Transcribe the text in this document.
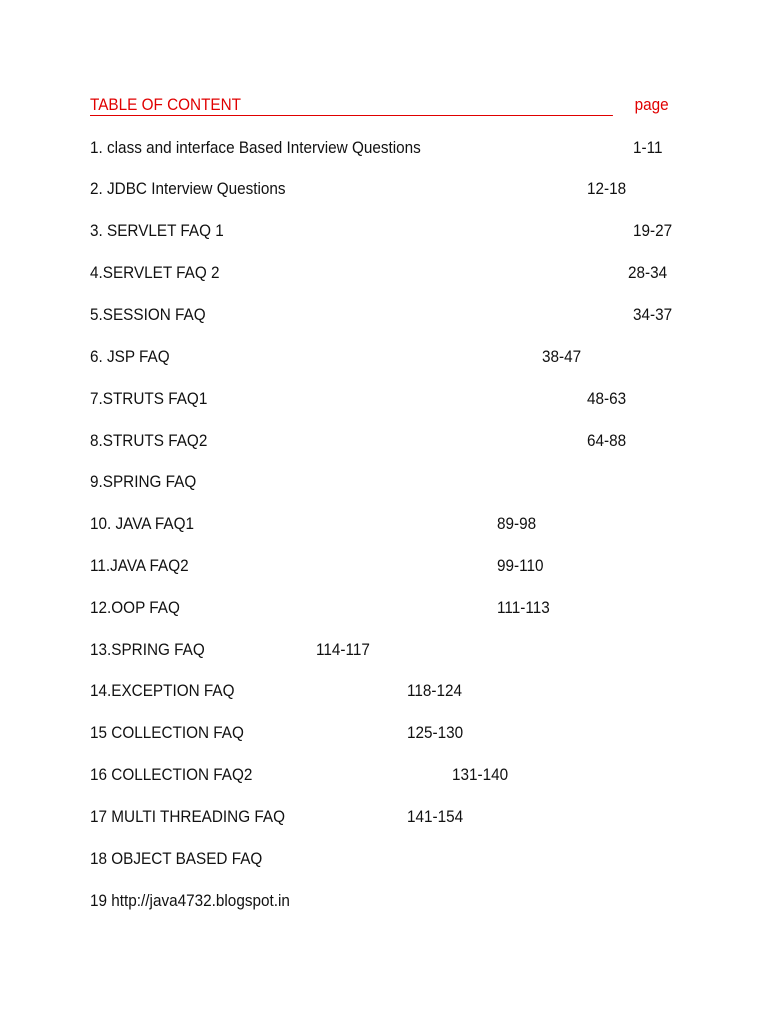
TABLE OF CONTENT	page
1. class and interface Based Interview Questions	1-11
2. JDBC Interview Questions	12-18
3. SERVLET FAQ 1	19-27
4.SERVLET FAQ 2	28-34
5.SESSION FAQ	34-37
6. JSP FAQ	38-47
7.STRUTS FAQ1	48-63
8.STRUTS FAQ2	64-88
9.SPRING FAQ
10. JAVA FAQ1	89-98
11.JAVA FAQ2	99-110
12.OOP FAQ	111-113
13.SPRING FAQ	114-117
14.EXCEPTION FAQ	118-124
15 COLLECTION FAQ	125-130
16 COLLECTION FAQ2	131-140
17 MULTI THREADING FAQ	141-154
18 OBJECT BASED FAQ
19 http://java4732.blogspot.in
